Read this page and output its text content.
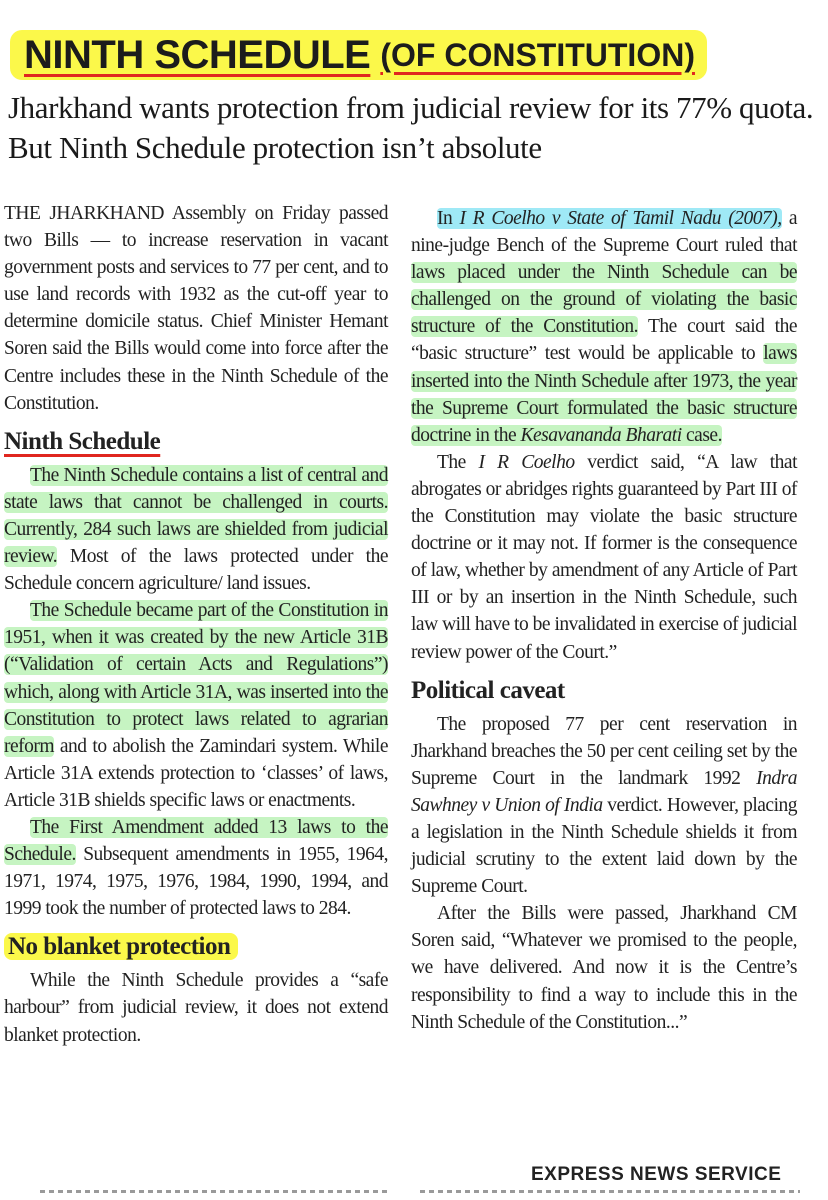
NINTH SCHEDULE (OF CONSTITUTION)

Jharkhand wants protection from judicial review for its 77% quota. But Ninth Schedule protection isn’t absolute

THE JHARKHAND Assembly on Friday passed two Bills — to increase reservation in vacant government posts and services to 77 per cent, and to use land records with 1932 as the cut-off year to determine domicile status. Chief Minister Hemant Soren said the Bills would come into force after the Centre includes these in the Ninth Schedule of the Constitution.

Ninth Schedule

The Ninth Schedule contains a list of central and state laws that cannot be challenged in courts. Currently, 284 such laws are shielded from judicial review. Most of the laws protected under the Schedule concern agriculture/ land issues.

The Schedule became part of the Constitution in 1951, when it was created by the new Article 31B (“Validation of certain Acts and Regulations”) which, along with Article 31A, was inserted into the Constitution to protect laws related to agrarian reform and to abolish the Zamindari system. While Article 31A extends protection to ‘classes’ of laws, Article 31B shields specific laws or enactments.

The First Amendment added 13 laws to the Schedule. Subsequent amendments in 1955, 1964, 1971, 1974, 1975, 1976, 1984, 1990, 1994, and 1999 took the number of protected laws to 284.

No blanket protection

While the Ninth Schedule provides a “safe harbour” from judicial review, it does not extend blanket protection.

In I R Coelho v State of Tamil Nadu (2007), a nine-judge Bench of the Supreme Court ruled that laws placed under the Ninth Schedule can be challenged on the ground of violating the basic structure of the Constitution. The court said the “basic structure” test would be applicable to laws inserted into the Ninth Schedule after 1973, the year the Supreme Court formulated the basic structure doctrine in the Kesavananda Bharati case.

The I R Coelho verdict said, “A law that abrogates or abridges rights guaranteed by Part III of the Constitution may violate the basic structure doctrine or it may not. If former is the consequence of law, whether by amendment of any Article of Part III or by an insertion in the Ninth Schedule, such law will have to be invalidated in exercise of judicial review power of the Court.”

Political caveat

The proposed 77 per cent reservation in Jharkhand breaches the 50 per cent ceiling set by the Supreme Court in the landmark 1992 Indra Sawhney v Union of India verdict. However, placing a legislation in the Ninth Schedule shields it from judicial scrutiny to the extent laid down by the Supreme Court.

After the Bills were passed, Jharkhand CM Soren said, “Whatever we promised to the people, we have delivered. And now it is the Centre’s responsibility to find a way to include this in the Ninth Schedule of the Constitution...”

EXPRESS NEWS SERVICE
